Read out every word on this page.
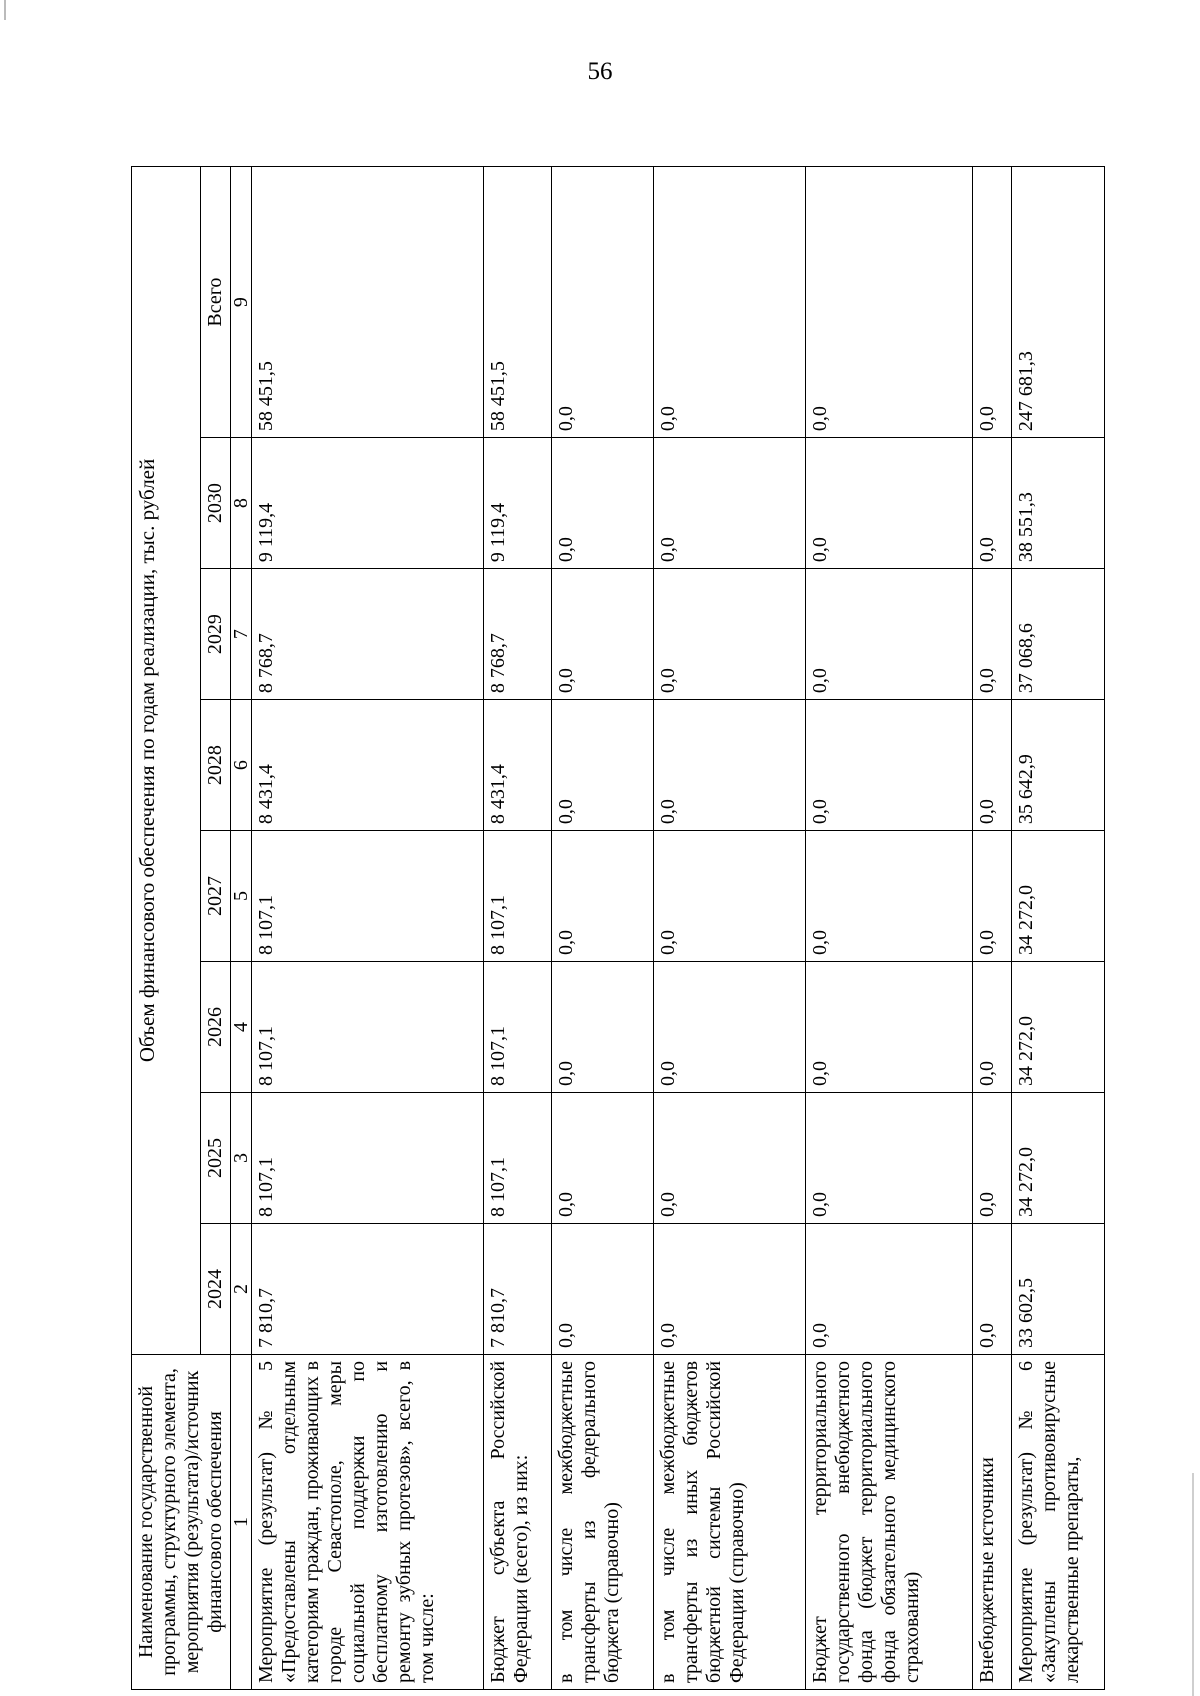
56
Наименование государственной программы, структурного элемента, мероприятия (результата)/источник финансового обеспечения	Объем финансового обеспечения по годам реализации, тыс. рублей							
	2024	2025	2026	2027	2028	2029	2030	Всего
1	2	3	4	5	6	7	8	9
Мероприятие (результат) № 5 «Предоставлены отдельным категориям граждан, проживающих в городе Севастополе, меры социальной поддержки по бесплатному изготовлению и ремонту зубных протезов», всего, в том числе:	7 810,7	8 107,1	8 107,1	8 107,1	8 431,4	8 768,7	9 119,4	58 451,5
Бюджет субъекта Российской Федерации (всего), из них:	7 810,7	8 107,1	8 107,1	8 107,1	8 431,4	8 768,7	9 119,4	58 451,5
в том числе межбюджетные трансферты из федерального бюджета (справочно)	0,0	0,0	0,0	0,0	0,0	0,0	0,0	0,0
в том числе межбюджетные трансферты из иных бюджетов бюджетной системы Российской Федерации (справочно)	0,0	0,0	0,0	0,0	0,0	0,0	0,0	0,0
Бюджет территориального государственного внебюджетного фонда (бюджет территориального фонда обязательного медицинского страхования)	0,0	0,0	0,0	0,0	0,0	0,0	0,0	0,0
Внебюджетные источники	0,0	0,0	0,0	0,0	0,0	0,0	0,0	0,0
Мероприятие (результат) № 6 «Закуплены противовирусные лекарственные препараты,	33 602,5	34 272,0	34 272,0	34 272,0	35 642,9	37 068,6	38 551,3	247 681,3
